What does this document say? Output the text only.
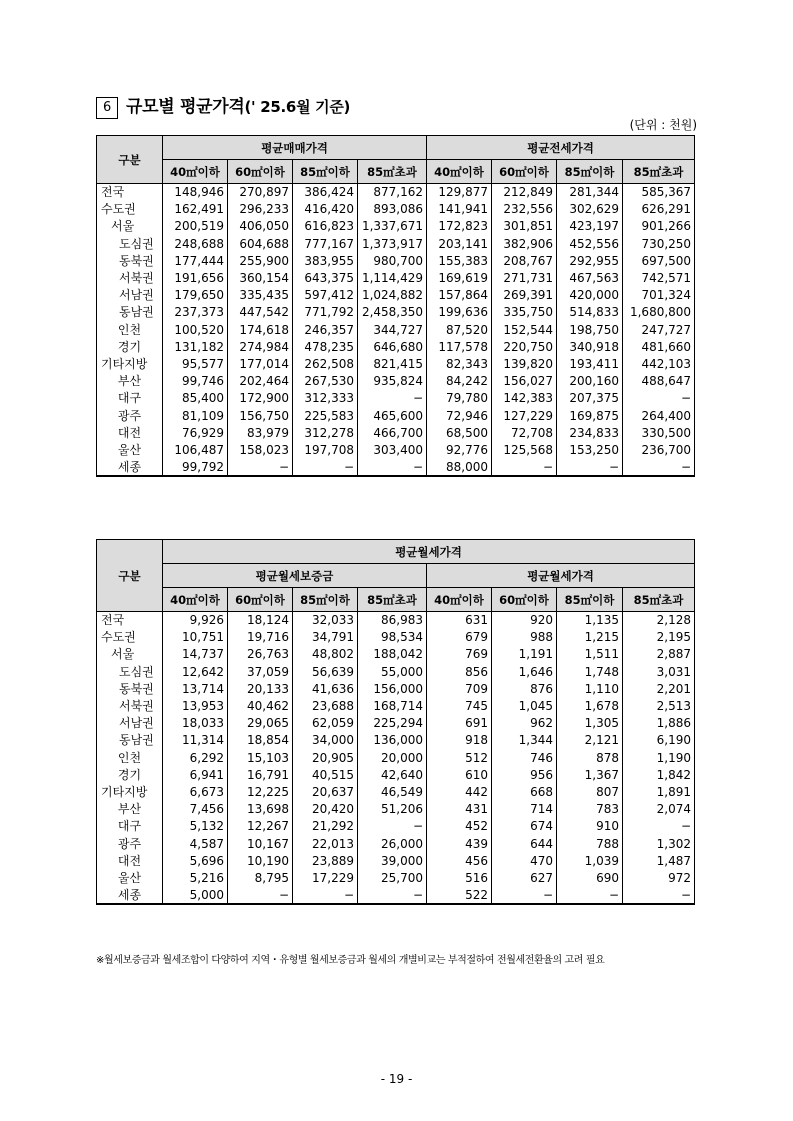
6 규모별 평균가격(' 25.6월 기준)
(단위 : 천원)
구분	평균매매가격				평균전세가격			
	40㎡이하	60㎡이하	85㎡이하	85㎡초과	40㎡이하	60㎡이하	85㎡이하	85㎡초과
전국	148,946	270,897	386,424	877,162	129,877	212,849	281,344	585,367
수도권	162,491	296,233	416,420	893,086	141,941	232,556	302,629	626,291
서울	200,519	406,050	616,823	1,337,671	172,823	301,851	423,197	901,266
도심권	248,688	604,688	777,167	1,373,917	203,141	382,906	452,556	730,250
동북권	177,444	255,900	383,955	980,700	155,383	208,767	292,955	697,500
서북권	191,656	360,154	643,375	1,114,429	169,619	271,731	467,563	742,571
서남권	179,650	335,435	597,412	1,024,882	157,864	269,391	420,000	701,324
동남권	237,373	447,542	771,792	2,458,350	199,636	335,750	514,833	1,680,800
인천	100,520	174,618	246,357	344,727	87,520	152,544	198,750	247,727
경기	131,182	274,984	478,235	646,680	117,578	220,750	340,918	481,660
기타지방	95,577	177,014	262,508	821,415	82,343	139,820	193,411	442,103
부산	99,746	202,464	267,530	935,824	84,242	156,027	200,160	488,647
대구	85,400	172,900	312,333	−	79,780	142,383	207,375	−
광주	81,109	156,750	225,583	465,600	72,946	127,229	169,875	264,400
대전	76,929	83,979	312,278	466,700	68,500	72,708	234,833	330,500
울산	106,487	158,023	197,708	303,400	92,776	125,568	153,250	236,700
세종	99,792	−	−	−	88,000	−	−	−
구분	평균월세가격							
	평균월세보증금				평균월세가격			
	40㎡이하	60㎡이하	85㎡이하	85㎡초과	40㎡이하	60㎡이하	85㎡이하	85㎡초과
전국	9,926	18,124	32,033	86,983	631	920	1,135	2,128
수도권	10,751	19,716	34,791	98,534	679	988	1,215	2,195
서울	14,737	26,763	48,802	188,042	769	1,191	1,511	2,887
도심권	12,642	37,059	56,639	55,000	856	1,646	1,748	3,031
동북권	13,714	20,133	41,636	156,000	709	876	1,110	2,201
서북권	13,953	40,462	23,688	168,714	745	1,045	1,678	2,513
서남권	18,033	29,065	62,059	225,294	691	962	1,305	1,886
동남권	11,314	18,854	34,000	136,000	918	1,344	2,121	6,190
인천	6,292	15,103	20,905	20,000	512	746	878	1,190
경기	6,941	16,791	40,515	42,640	610	956	1,367	1,842
기타지방	6,673	12,225	20,637	46,549	442	668	807	1,891
부산	7,456	13,698	20,420	51,206	431	714	783	2,074
대구	5,132	12,267	21,292	−	452	674	910	−
광주	4,587	10,167	22,013	26,000	439	644	788	1,302
대전	5,696	10,190	23,889	39,000	456	470	1,039	1,487
울산	5,216	8,795	17,229	25,700	516	627	690	972
세종	5,000	−	−	−	522	−	−	−
※월세보증금과 월세조합이 다양하여 지역・유형별 월세보증금과 월세의 개별비교는 부적절하여 전월세전환율의 고려 필요
- 19 -
